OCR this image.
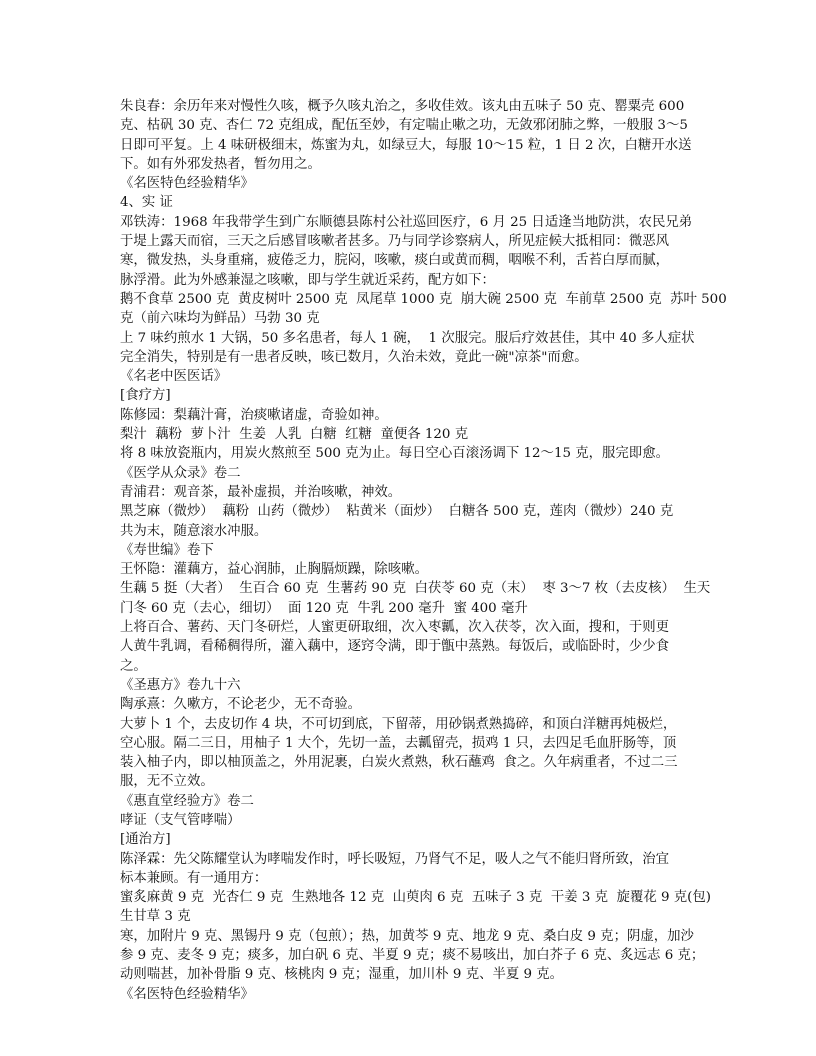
朱良春：余历年来对慢性久咳，概予久咳丸治之，多收佳效。该丸由五味子 50 克、罂粟壳 600
克、枯矾 30 克、杏仁 72 克组成，配伍至妙，有定喘止嗽之功，无敛邪闭肺之弊，一般服 3～5
日即可平复。上 4 味研极细末，炼蜜为丸，如绿豆大，每服 10～15 粒，1 日 2 次，白糖开水送
下。如有外邪发热者，暂勿用之。
《名医特色经验精华》
4、实 证
邓铁涛：1968 年我带学生到广东顺德县陈村公社巡回医疗，6 月 25 日适逢当地防洪，农民兄弟
于堤上露天而宿，三天之后感冒咳嗽者甚多。乃与同学诊察病人，所见症候大抵相同：微恶风
寒，微发热，头身重痛，疲倦乏力，脘闷，咳嗽，痰白或黄而稠，咽喉不利，舌苔白厚而腻，
脉浮滑。此为外感兼湿之咳嗽，即与学生就近采药，配方如下：
鹅不食草 2500 克  黄皮树叶 2500 克  凤尾草 1000 克  崩大碗 2500 克  车前草 2500 克  苏叶 500
克（前六味均为鲜品）马勃 30 克
上 7 味约煎水 1 大锅，50 多名患者，每人 1 碗，  1 次服完。服后疗效甚佳，其中 40 多人症状
完全消失，特别是有一患者反映，咳已数月，久治未效，竟此一碗"凉茶"而愈。
《名老中医医话》
[食疗方]
陈修园：梨藕汁膏，治痰嗽诸虚，奇验如神。
梨汁  藕粉  萝卜汁  生姜  人乳  白糖  红糖  童便各 120 克
将 8 味放瓷瓶内，用炭火熬煎至 500 克为止。每日空心百滚汤调下 12～15 克，服完即愈。
《医学从众录》卷二
青浦君：观音茶，最补虚损，并治咳嗽，神效。
黑芝麻（微炒）  藕粉  山药（微炒）  粘黄米（面炒）  白糖各 500 克，莲肉（微炒）240 克
共为末，随意滚水冲服。
《寿世编》卷下
王怀隐：灌藕方，益心润肺，止胸膈烦躁，除咳嗽。
生藕 5 挺（大者）  生百合 60 克  生薯药 90 克  白茯苓 60 克（末）  枣 3～7 枚（去皮核）  生天
门冬 60 克（去心，细切）  面 120 克  牛乳 200 毫升  蜜 400 毫升
上将百合、薯药、天门冬研烂，人蜜更研取细，次入枣瓤，次入茯苓，次入面，搜和，于则更
人黄牛乳调，看稀稠得所，灌入藕中，逐窍令满，即于甑中蒸熟。每饭后，或临卧时，少少食
之。
《圣惠方》卷九十六
陶承熹：久嗽方，不论老少，无不奇验。
大萝卜 1 个，去皮切作 4 块，不可切到底，下留蒂，用砂锅煮熟捣碎，和顶白洋糖再炖极烂，
空心服。隔二三日，用柚子 1 大个，先切一盖，去瓤留壳，损鸡 1 只，去四足毛血肝肠等，顶
装入柚子内，即以柚顶盖之，外用泥裹，白炭火煮熟，秋石蘸鸡  食之。久年病重者，不过二三
服，无不立效。
《惠直堂经验方》卷二
哮证（支气管哮喘）
[通治方]
陈泽霖：先父陈耀堂认为哮喘发作时，呼长吸短，乃肾气不足，吸人之气不能归肾所致，治宜
标本兼顾。有一通用方：
蜜炙麻黄 9 克  光杏仁 9 克  生熟地各 12 克  山萸肉 6 克  五味子 3 克  干姜 3 克  旋覆花 9 克(包)
生甘草 3 克
寒，加附片 9 克、黑锡丹 9 克（包煎）；热，加黄芩 9 克、地龙 9 克、桑白皮 9 克；阴虚，加沙
参 9 克、麦冬 9 克；痰多，加白矾 6 克、半夏 9 克；痰不易咳出，加白芥子 6 克、炙远志 6 克；
动则喘甚，加补骨脂 9 克、核桃肉 9 克；湿重，加川朴 9 克、半夏 9 克。
《名医特色经验精华》
